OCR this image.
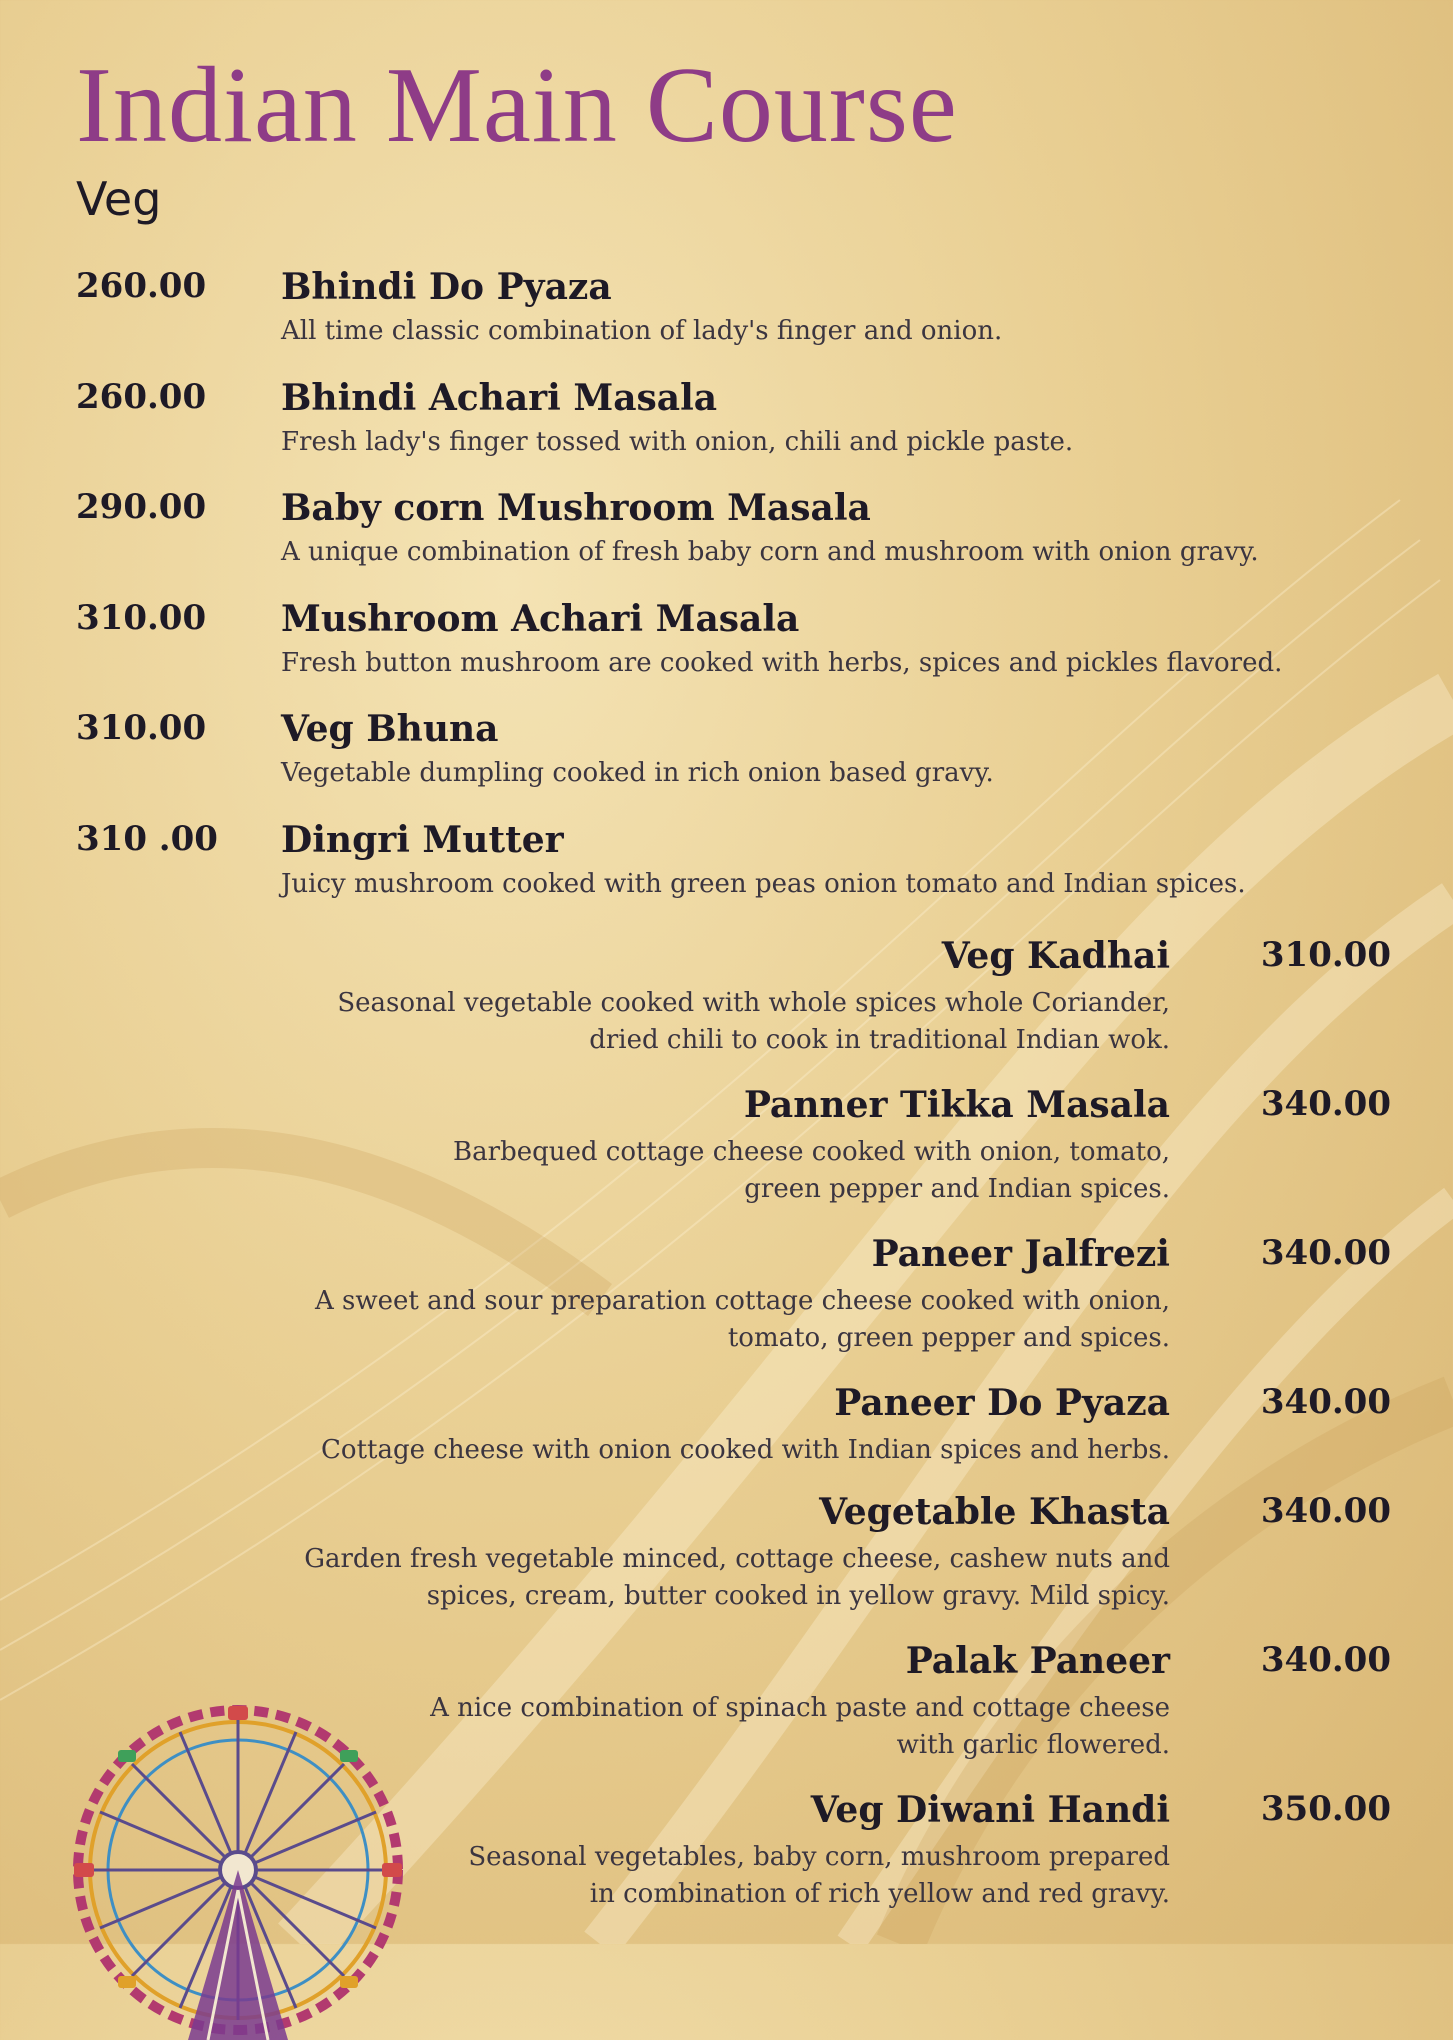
Indian Main Course
Veg
260.00 Bhindi Do Pyaza
All time classic combination of lady's finger and onion.
260.00 Bhindi Achari Masala
Fresh lady's finger tossed with onion, chili and pickle paste.
290.00 Baby corn Mushroom Masala
A unique combination of fresh baby corn and mushroom with onion gravy.
310.00 Mushroom Achari Masala
Fresh button mushroom are cooked with herbs, spices and pickles flavored.
310.00 Veg Bhuna
Vegetable dumpling cooked in rich onion based gravy.
310 .00 Dingri Mutter
Juicy mushroom cooked with green peas onion tomato and Indian spices.
Veg Kadhai	310.00
Seasonal vegetable cooked with whole spices whole Coriander,
dried chili to cook in traditional Indian wok.
Panner Tikka Masala	340.00
Barbequed cottage cheese cooked with onion, tomato,
green pepper and Indian spices.
Paneer Jalfrezi	340.00
A sweet and sour preparation cottage cheese cooked with onion,
tomato, green pepper and spices.
Paneer Do Pyaza	340.00
Cottage cheese with onion cooked with Indian spices and herbs.
Vegetable Khasta	340.00
Garden fresh vegetable minced, cottage cheese, cashew nuts and
spices, cream, butter cooked in yellow gravy. Mild spicy.
Palak Paneer	340.00
A nice combination of spinach paste and cottage cheese
with garlic flowered.
Veg Diwani Handi	350.00
Seasonal vegetables, baby corn, mushroom prepared
in combination of rich yellow and red gravy.
